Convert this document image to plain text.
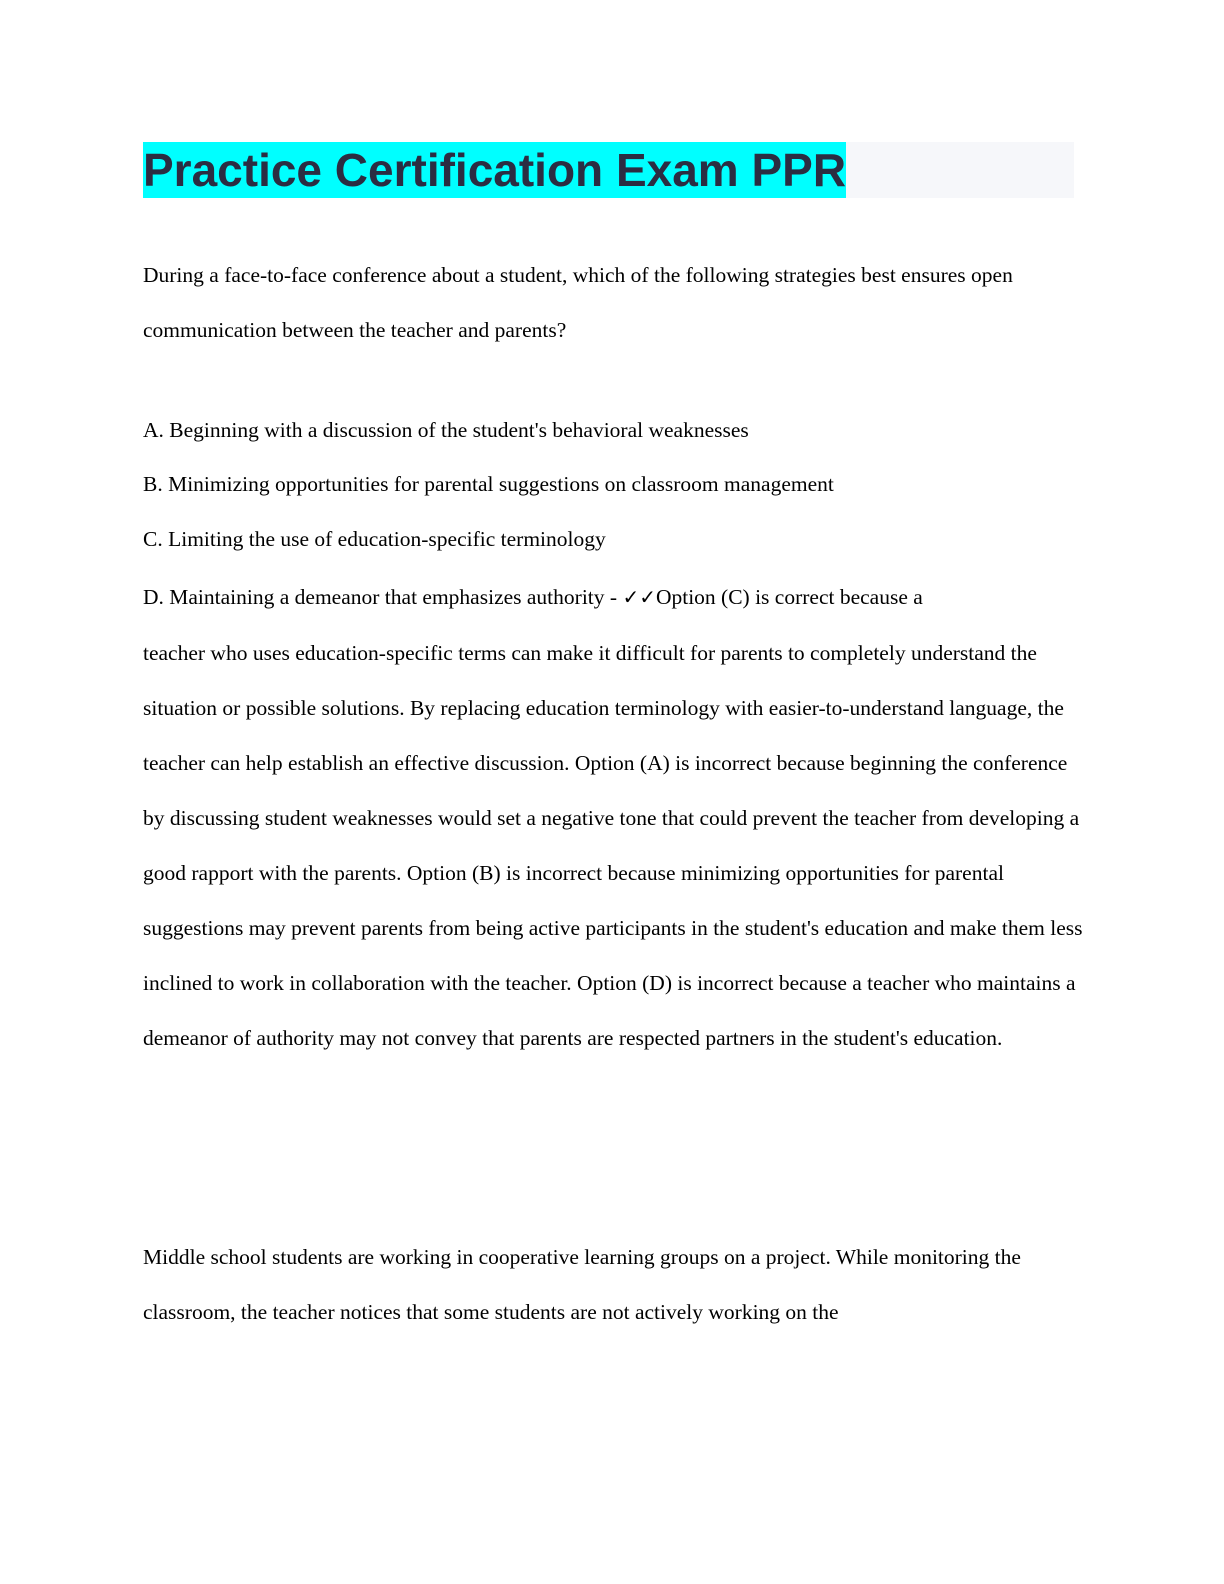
Practice Certification Exam PPR

During a face-to-face conference about a student, which of the following strategies best ensures open communication between the teacher and parents?

A. Beginning with a discussion of the student's behavioral weaknesses

B. Minimizing opportunities for parental suggestions on classroom management

C. Limiting the use of education-specific terminology

D. Maintaining a demeanor that emphasizes authority - ✓✓Option (C) is correct because a
teacher who uses education-specific terms can make it difficult for parents to completely understand the situation or possible solutions. By replacing education terminology with easier-to-understand language, the teacher can help establish an effective discussion. Option (A) is incorrect because beginning the conference by discussing student weaknesses would set a negative tone that could prevent the teacher from developing a good rapport with the parents. Option (B) is incorrect because minimizing opportunities for parental suggestions may prevent parents from being active participants in the student's education and make them less inclined to work in collaboration with the teacher. Option (D) is incorrect because a teacher who maintains a demeanor of authority may not convey that parents are respected partners in the student's education.

Middle school students are working in cooperative learning groups on a project. While monitoring the classroom, the teacher notices that some students are not actively working on the
